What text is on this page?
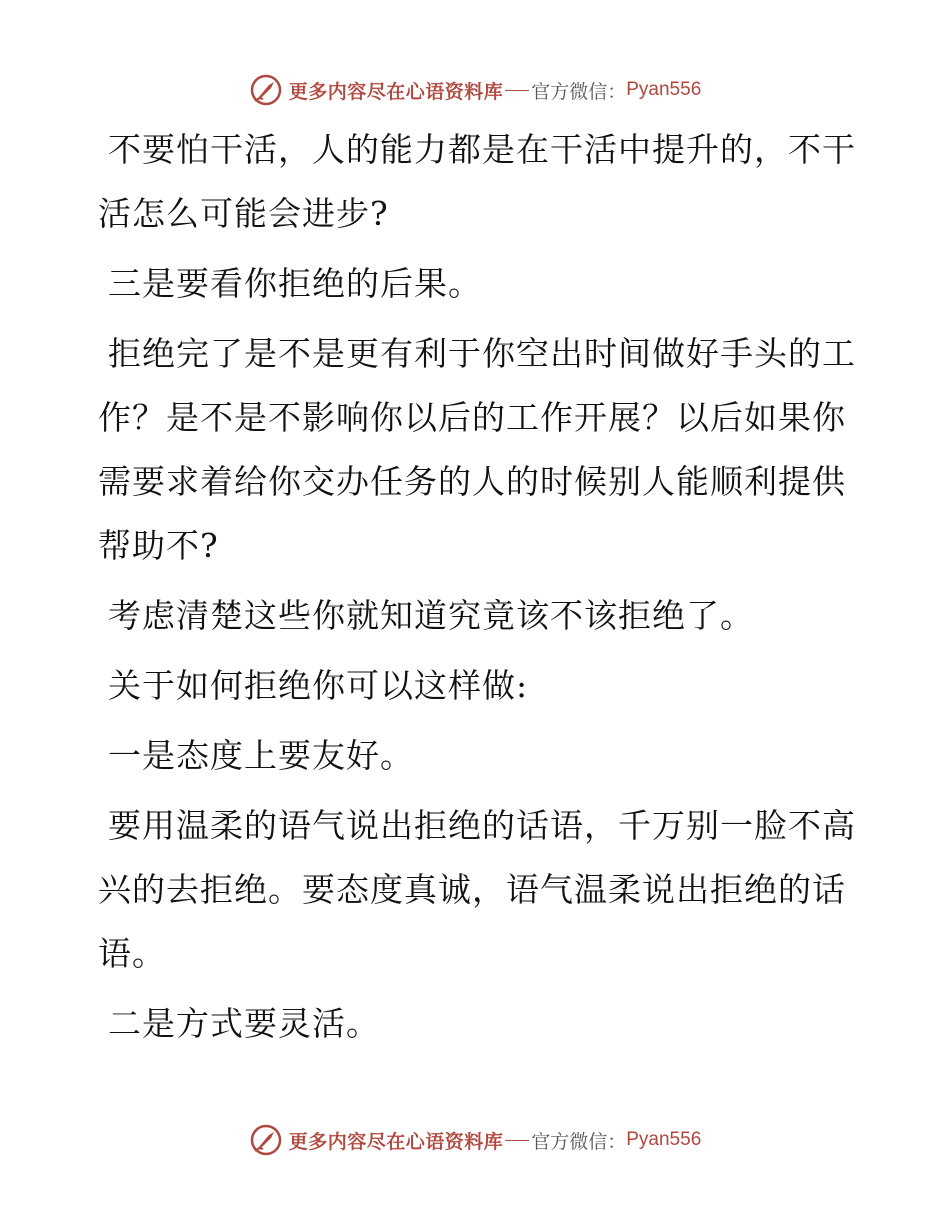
更多内容尽在心语资料库 官方微信： Pyan556

不要怕干活，人的能力都是在干活中提升的，不干活怎么可能会进步?

三是要看你拒绝的后果。

拒绝完了是不是更有利于你空出时间做好手头的工作？是不是不影响你以后的工作开展？以后如果你需要求着给你交办任务的人的时候别人能顺利提供帮助不?

考虑清楚这些你就知道究竟该不该拒绝了。

关于如何拒绝你可以这样做:

一是态度上要友好。

要用温柔的语气说出拒绝的话语，千万别一脸不高兴的去拒绝。要态度真诚，语气温柔说出拒绝的话语。

二是方式要灵活。

更多内容尽在心语资料库 官方微信： Pyan556
